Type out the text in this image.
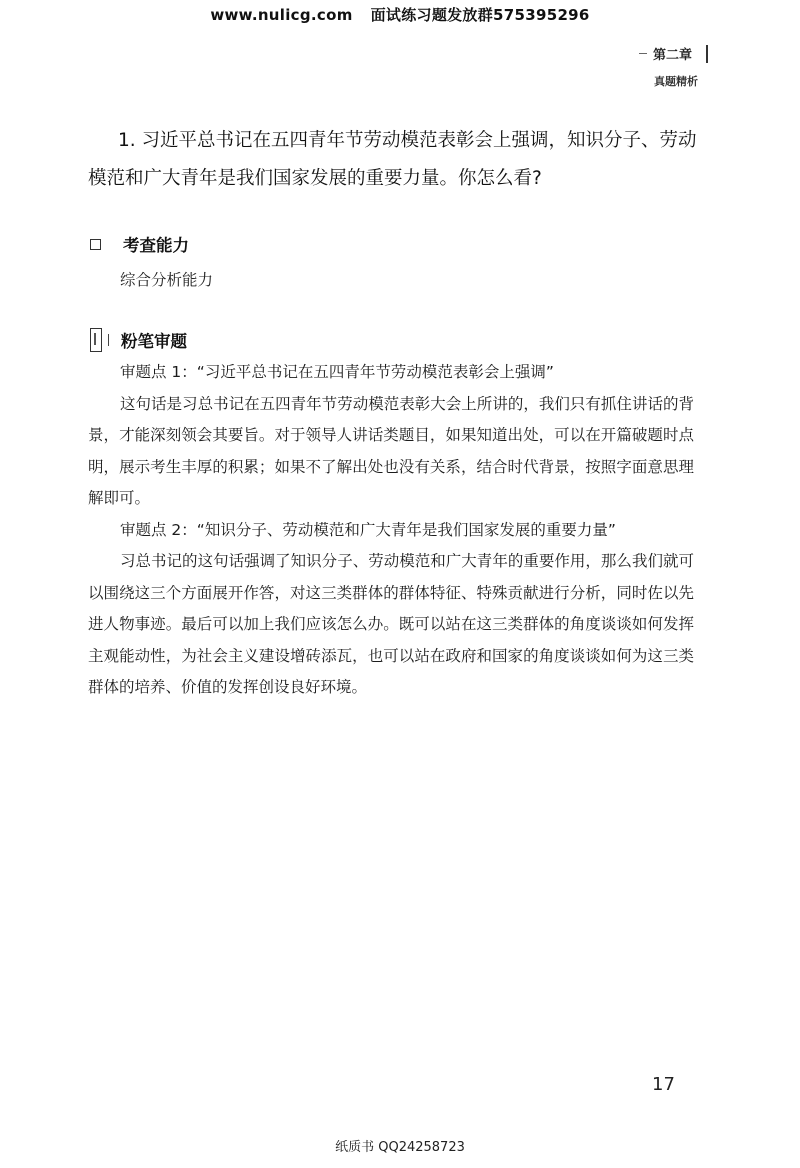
www.nulicg.com 面试练习题发放群575395296
第二章
真题精析
1. 习近平总书记在五四青年节劳动模范表彰会上强调，知识分子、劳动模范和广大青年是我们国家发展的重要力量。你怎么看?
考查能力
综合分析能力
粉笔审题
审题点 1：“习近平总书记在五四青年节劳动模范表彰会上强调”
这句话是习总书记在五四青年节劳动模范表彰大会上所讲的，我们只有抓住讲话的背景，才能深刻领会其要旨。对于领导人讲话类题目，如果知道出处，可以在开篇破题时点明，展示考生丰厚的积累；如果不了解出处也没有关系，结合时代背景，按照字面意思理解即可。
审题点 2：“知识分子、劳动模范和广大青年是我们国家发展的重要力量”
习总书记的这句话强调了知识分子、劳动模范和广大青年的重要作用，那么我们就可以围绕这三个方面展开作答，对这三类群体的群体特征、特殊贡献进行分析，同时佐以先进人物事迹。最后可以加上我们应该怎么办。既可以站在这三类群体的角度谈谈如何发挥主观能动性，为社会主义建设增砖添瓦，也可以站在政府和国家的角度谈谈如何为这三类群体的培养、价值的发挥创设良好环境。
17
纸质书 QQ24258723
